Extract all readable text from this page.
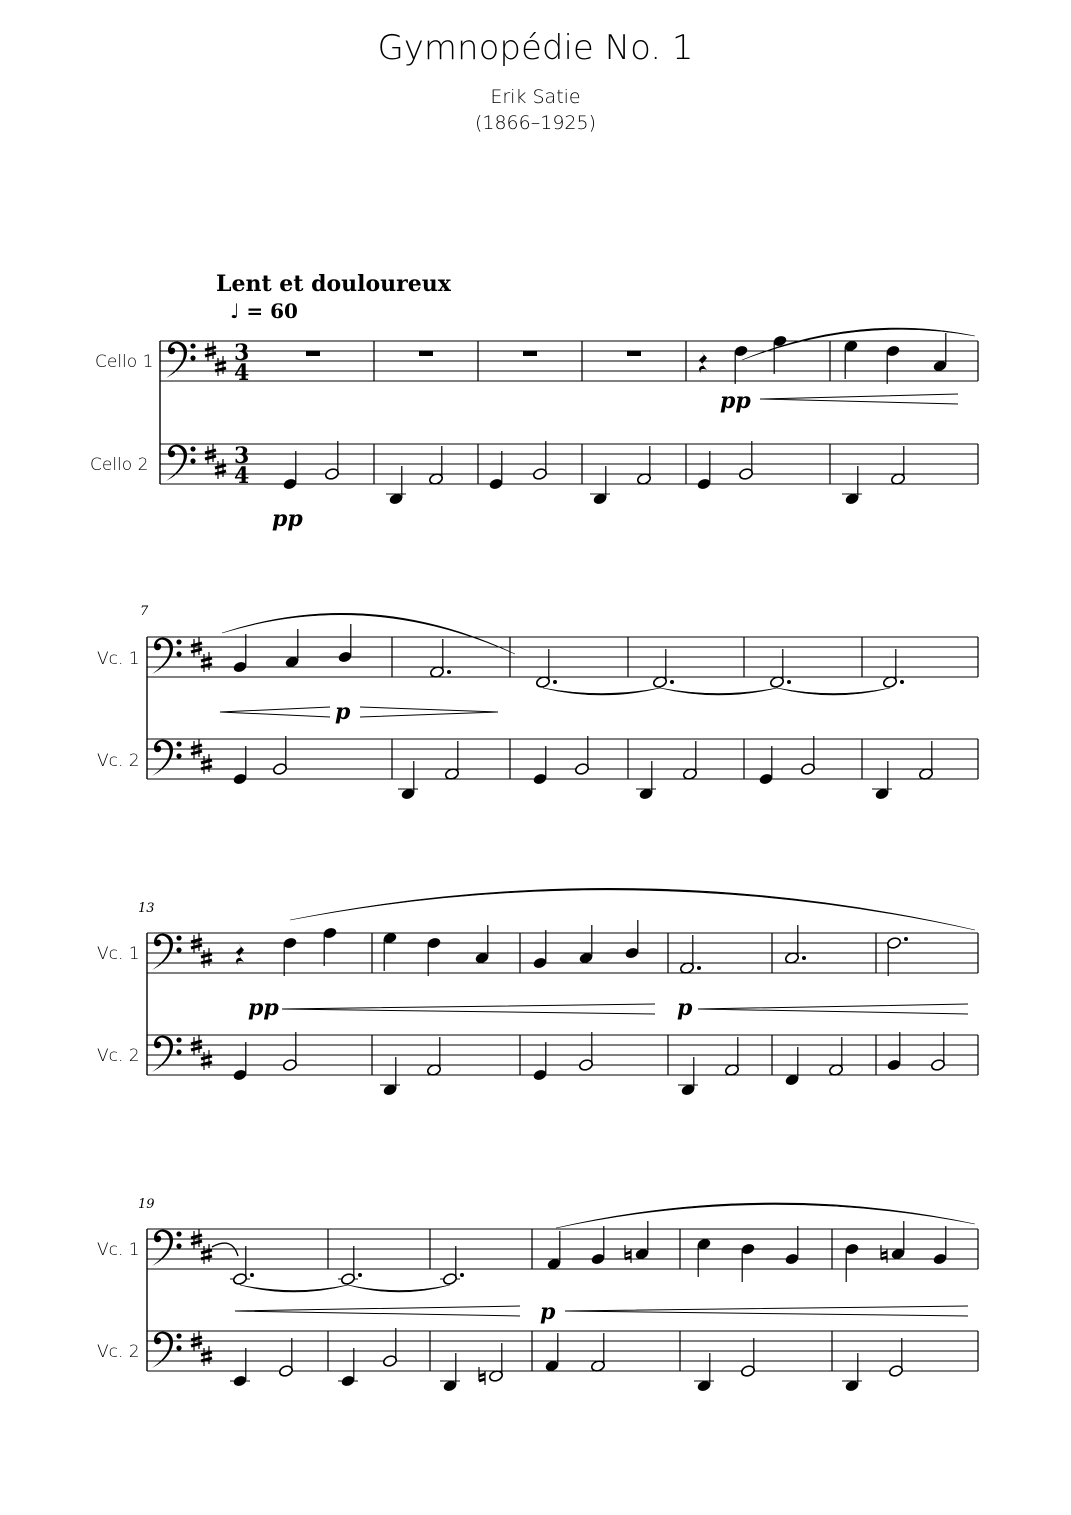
Gymnopédie No. 1
Erik Satie
(1866–1925)
Lent et douloureux
♩ = 60
Cello 1
Cello 2
Vc. 1
Vc. 2
Vc. 1
Vc. 2
Vc. 1
Vc. 2
7
13
19
pp
pp
p
pp	p
p
3
4
3
4
